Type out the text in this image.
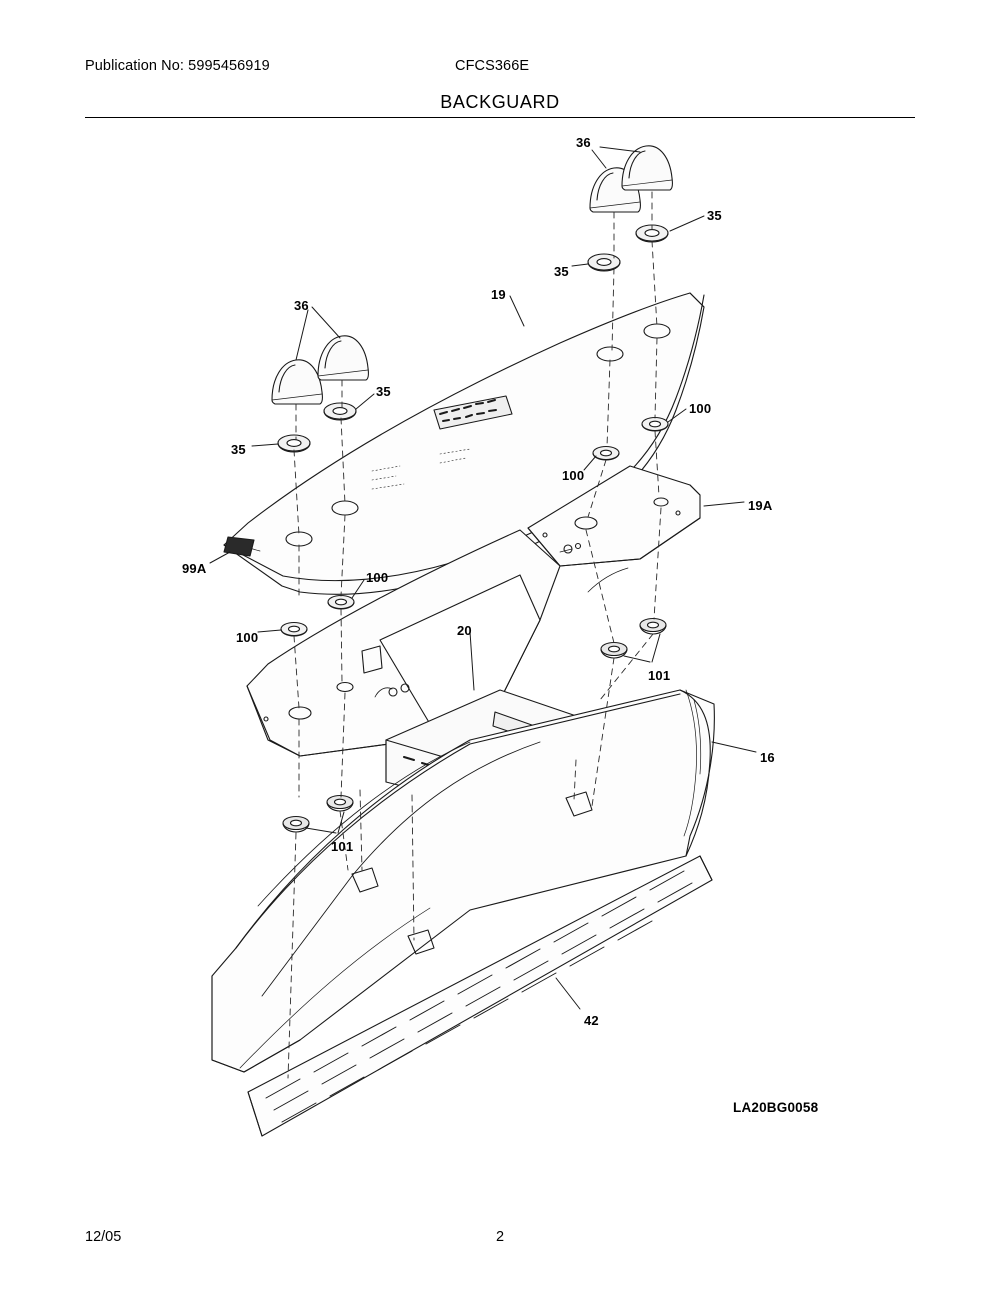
Publication No: 5995456919	CFCS366E
BACKGUARD
36
35
35
19
36
35
100
35
100
19A
99A
100
20
100
101
16
101
42
LA20BG0058
12/05	2
